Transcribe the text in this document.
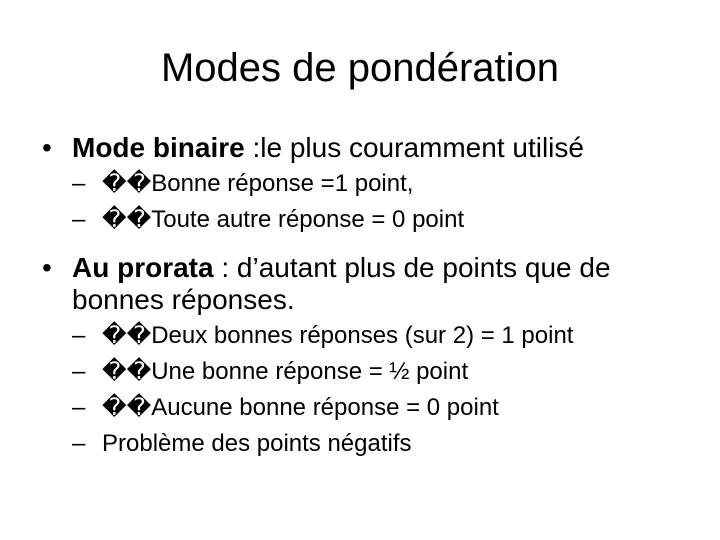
Modes de pondération
• Mode binaire :le plus couramment utilisé
– ��Bonne réponse =1 point,
– ��Toute autre réponse = 0 point
• Au prorata : d’autant plus de points que de bonnes réponses.
– ��Deux bonnes réponses (sur 2) = 1 point
– ��Une bonne réponse = ½ point
– ��Aucune bonne réponse = 0 point
– Problème des points négatifs
